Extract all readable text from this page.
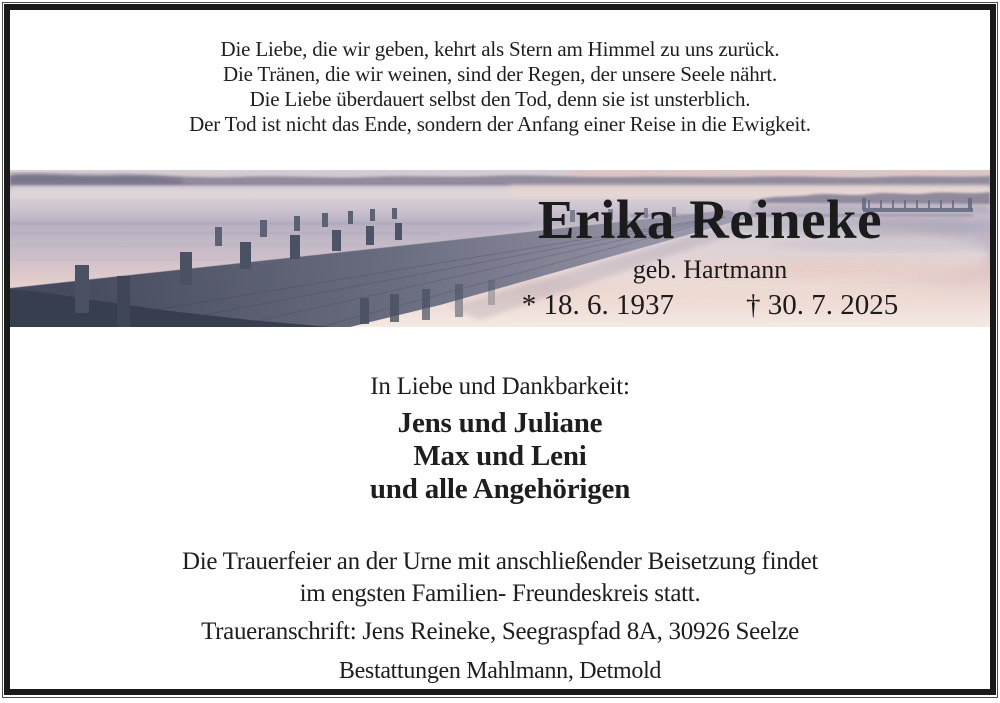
Die Liebe, die wir geben, kehrt als Stern am Himmel zu uns zurück.
Die Tränen, die wir weinen, sind der Regen, der unsere Seele nährt.
Die Liebe überdauert selbst den Tod, denn sie ist unsterblich.
Der Tod ist nicht das Ende, sondern der Anfang einer Reise in die Ewigkeit.
Erika Reineke
geb. Hartmann
* 18. 6. 1937 † 30. 7. 2025
In Liebe und Dankbarkeit:
Jens und Juliane
Max und Leni
und alle Angehörigen
Die Trauerfeier an der Urne mit anschließender Beisetzung findet
im engsten Familien- Freundeskreis statt.
Traueranschrift: Jens Reineke, Seegraspfad 8A, 30926 Seelze
Bestattungen Mahlmann, Detmold
